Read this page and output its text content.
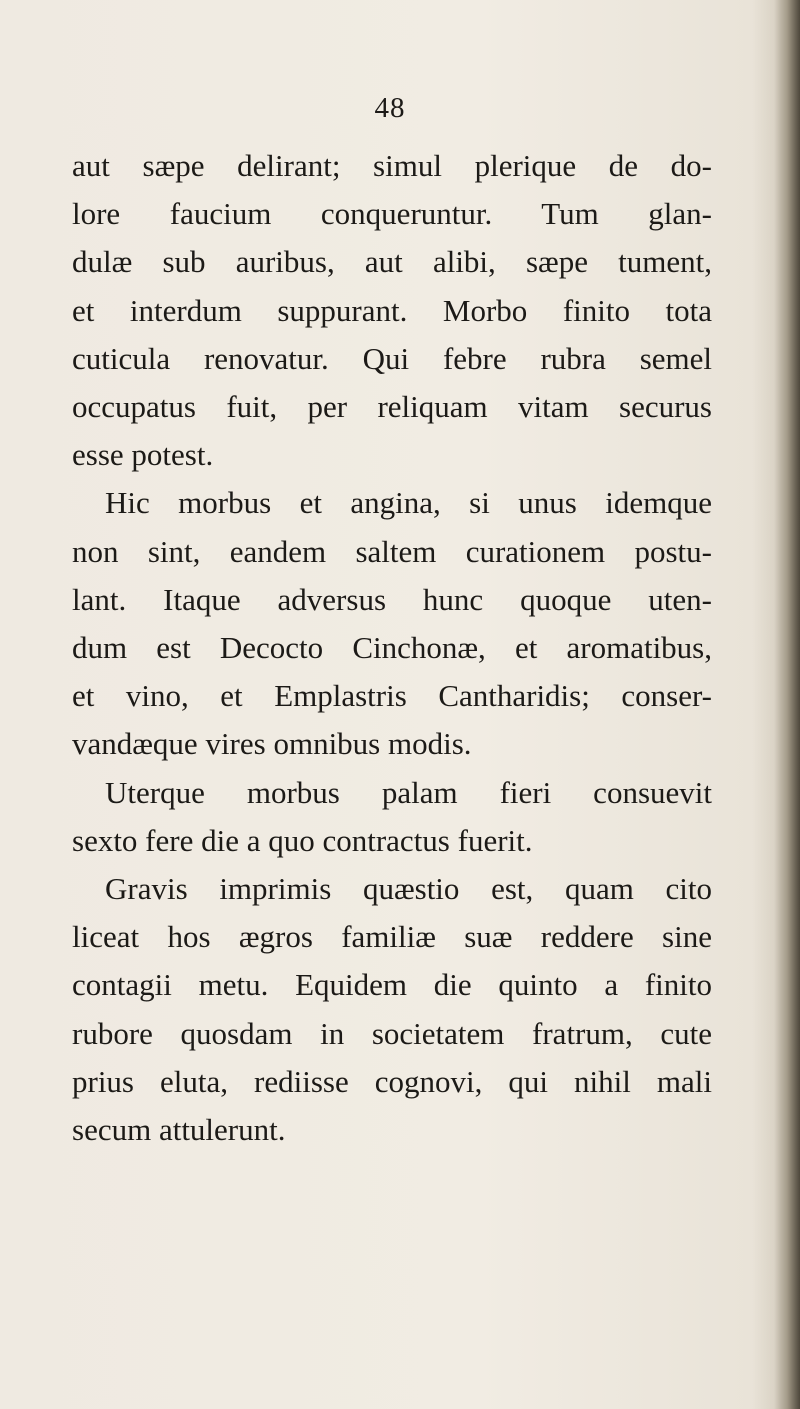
48
aut sæpe delirant; simul plerique de do-
lore faucium conqueruntur. Tum glan-
dulæ sub auribus, aut alibi, sæpe tument,
et interdum suppurant. Morbo finito tota
cuticula renovatur. Qui febre rubra semel
occupatus fuit, per reliquam vitam securus
esse potest.
Hic morbus et angina, si unus idemque
non sint, eandem saltem curationem postu-
lant. Itaque adversus hunc quoque uten-
dum est Decocto Cinchonæ, et aromatibus,
et vino, et Emplastris Cantharidis; conser-
vandæque vires omnibus modis.
Uterque morbus palam fieri consuevit
sexto fere die a quo contractus fuerit.
Gravis imprimis quæstio est, quam cito
liceat hos ægros familiæ suæ reddere sine
contagii metu. Equidem die quinto a finito
rubore quosdam in societatem fratrum, cute
prius eluta, rediisse cognovi, qui nihil mali
secum attulerunt.
